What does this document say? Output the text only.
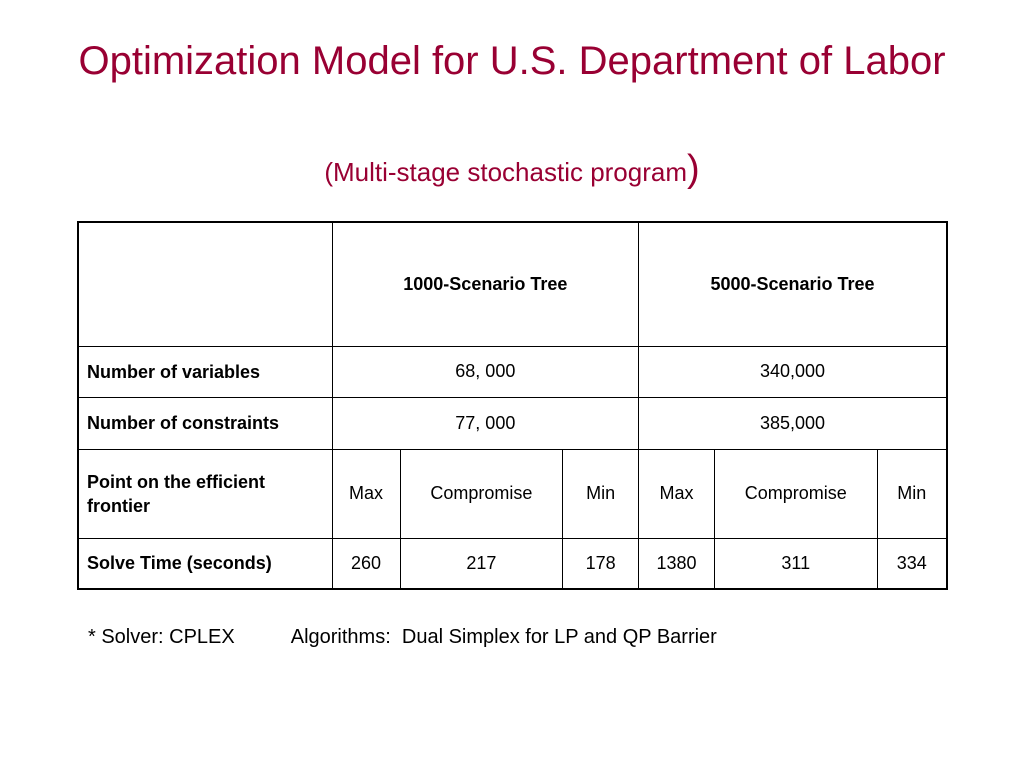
Optimization Model for U.S. Department of Labor

(Multi-stage stochastic program)

	1000-Scenario Tree			5000-Scenario Tree		
Number of variables	68, 000			340,000		
Number of constraints	77, 000			385,000		
Point on the efficient frontier	Max	Compromise	Min	Max	Compromise	Min
Solve Time (seconds)	260	217	178	1380	311	334
* Solver: CPLEX	Algorithms:  Dual Simplex for LP and QP Barrier
